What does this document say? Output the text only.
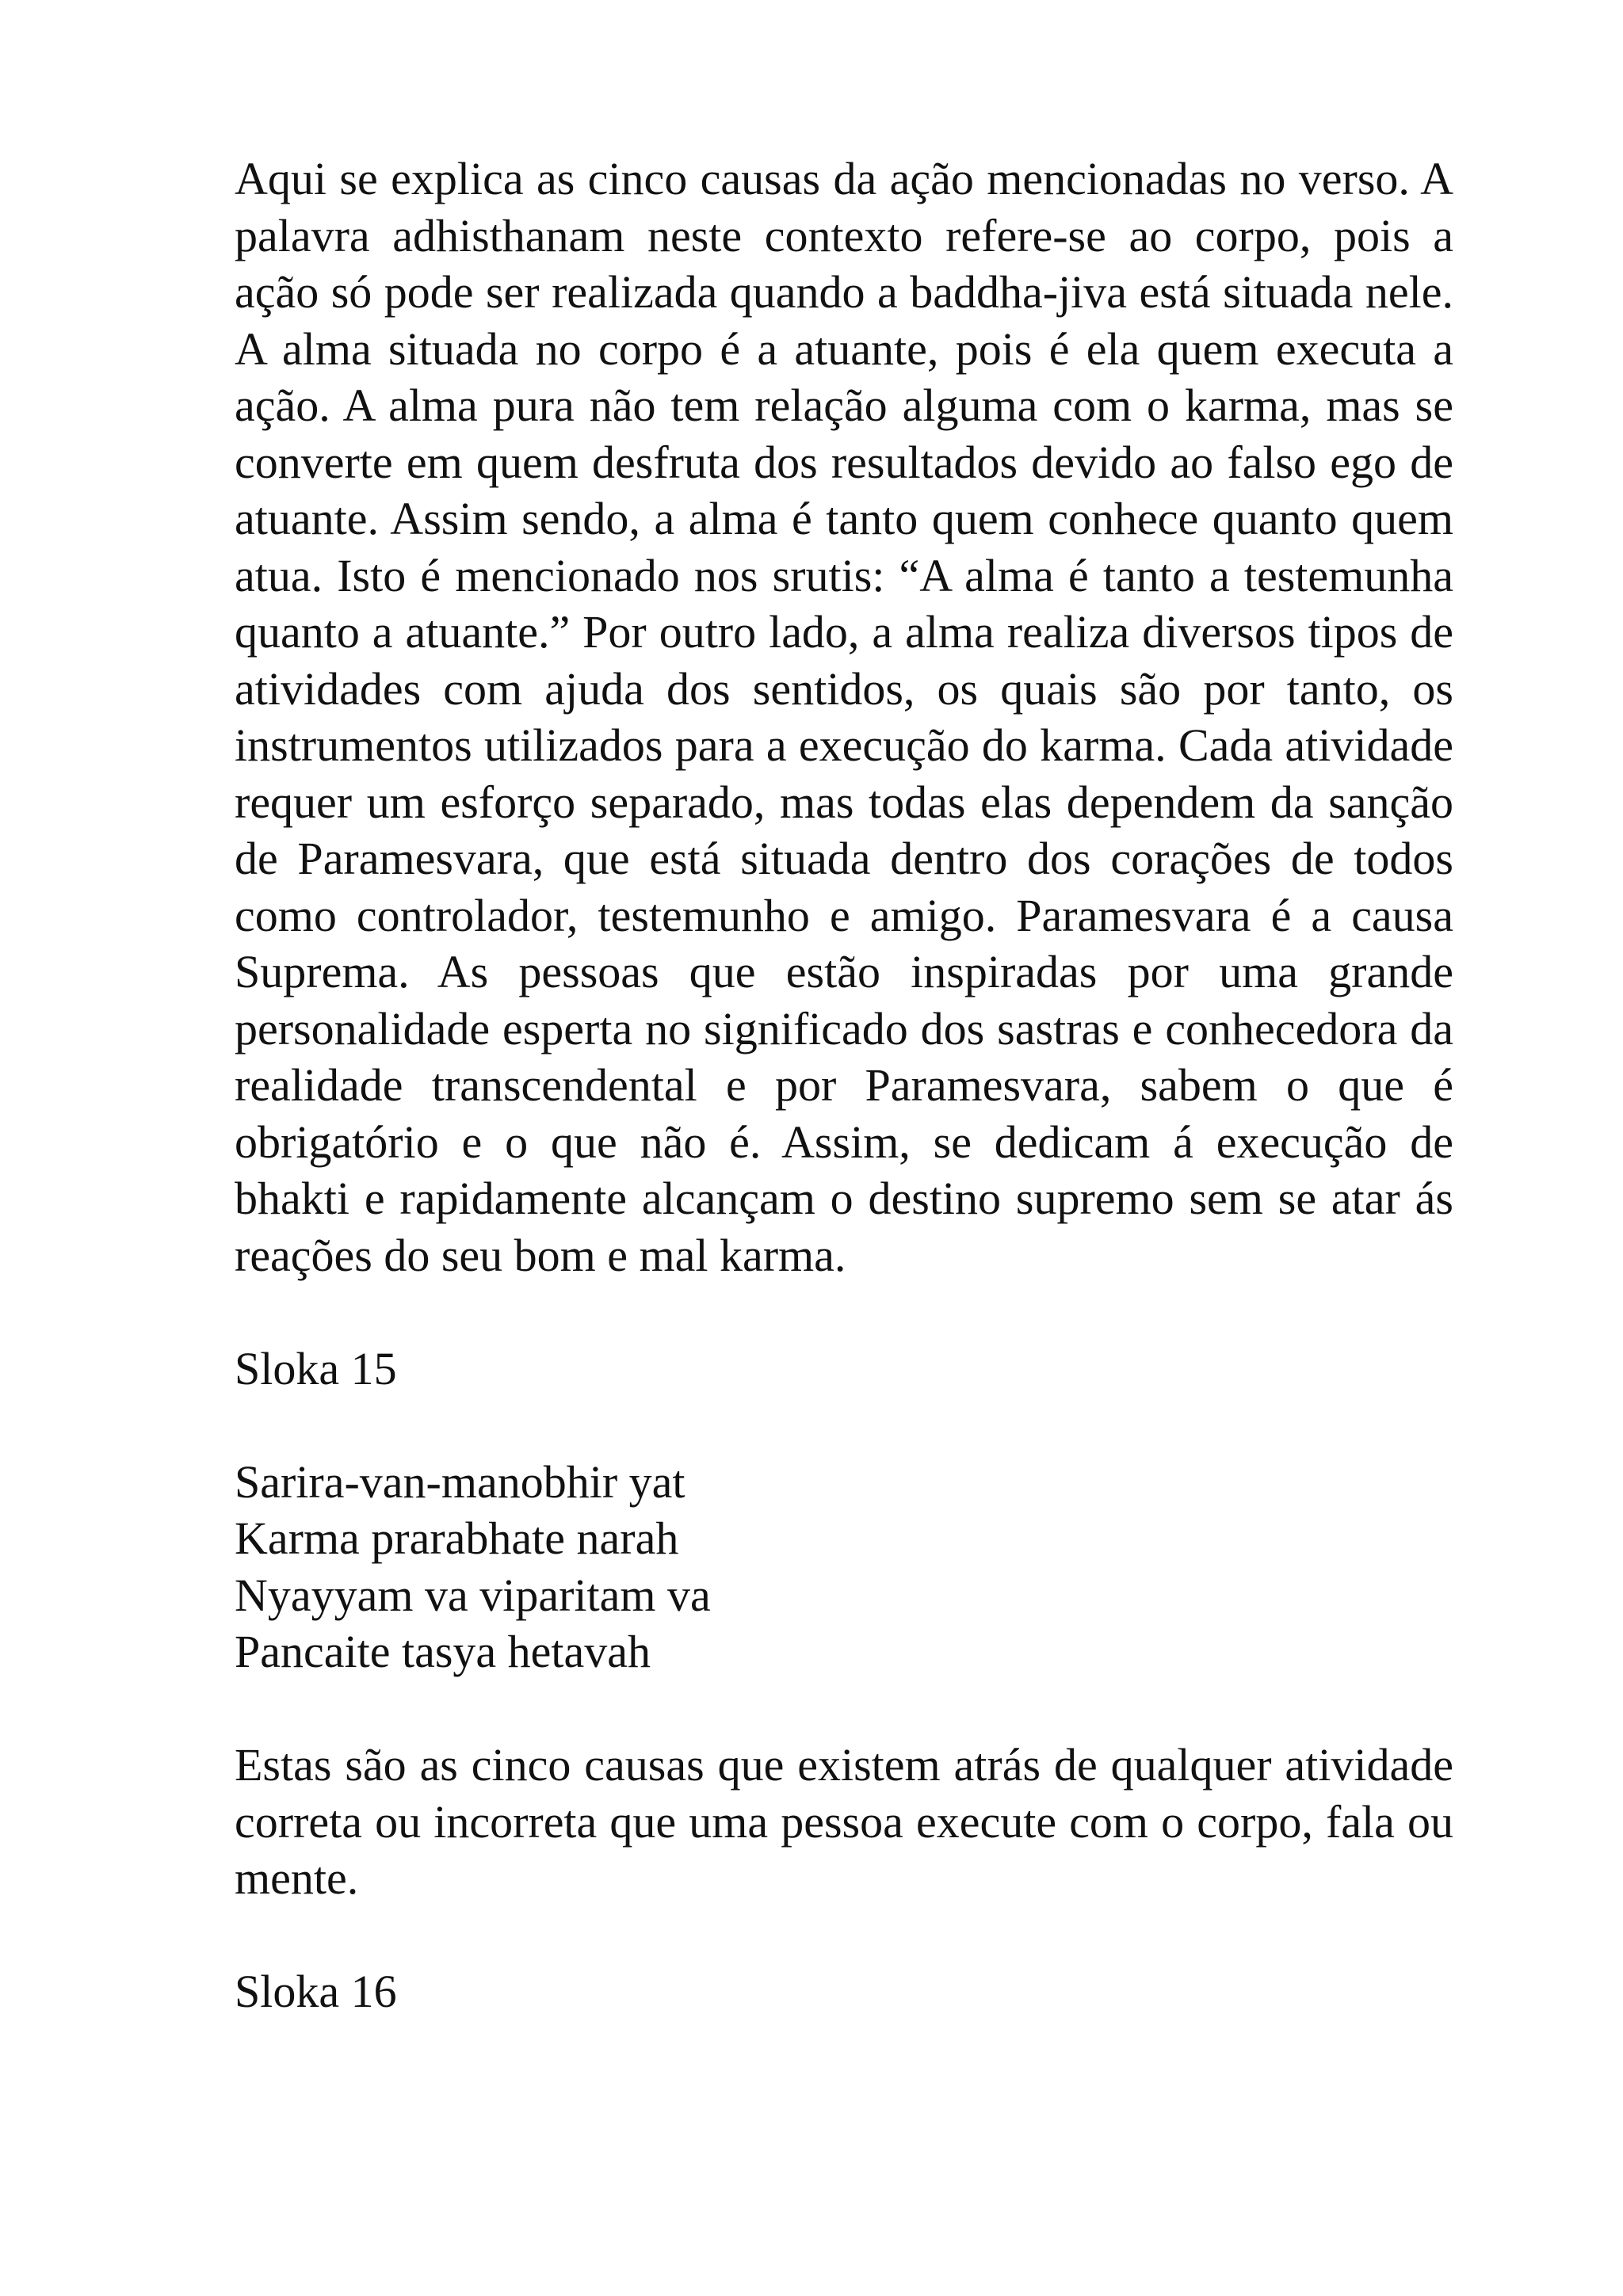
Aqui se explica as cinco causas da ação mencionadas no verso. A palavra adhisthanam neste contexto refere-se ao corpo, pois a ação só pode ser realizada quando a baddha-jiva está situada nele. A alma situada no corpo é a atuante, pois é ela quem executa a ação. A alma pura não tem relação alguma com o karma, mas se converte em quem desfruta dos resultados devido ao falso ego de atuante. Assim sendo, a alma é tanto quem conhece quanto quem atua. Isto é mencionado nos srutis: “A alma é tanto a testemunha quanto a atuante.” Por outro lado, a alma realiza diversos tipos de atividades com ajuda dos sentidos, os quais são por tanto, os instrumentos utilizados para a execução do karma. Cada atividade requer um esforço separado, mas todas elas dependem da sanção de Paramesvara, que está situada dentro dos corações de todos como controlador, testemunho e amigo. Paramesvara é a causa Suprema. As pessoas que estão inspiradas por uma grande personalidade esperta no significado dos sastras e conhecedora da realidade transcendental e por Paramesvara, sabem o que é obrigatório e o que não é. Assim, se dedicam á execução de bhakti e rapidamente alcançam o destino supremo sem se atar ás reações do seu bom e mal karma.

Sloka 15

Sarira-van-manobhir yat
Karma prarabhate narah
Nyayyam va viparitam va
Pancaite tasya hetavah

Estas são as cinco causas que existem atrás de qualquer atividade correta ou incorreta que uma pessoa execute com o corpo, fala ou mente.

Sloka 16
